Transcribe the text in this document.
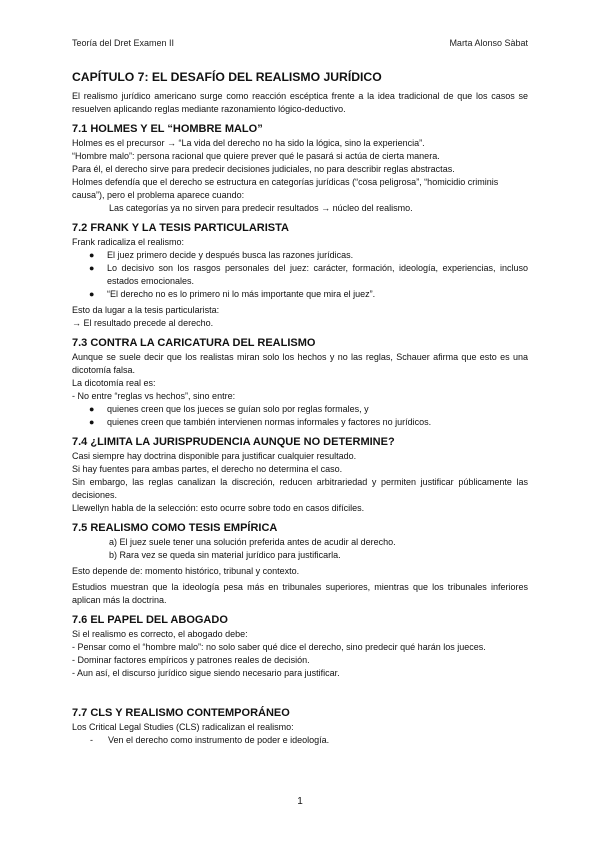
Teoría del Dret Examen II	Marta Alonso Sàbat
CAPÍTULO 7: EL DESAFÍO DEL REALISMO JURÍDICO

El realismo jurídico americano surge como reacción escéptica frente a la idea tradicional de que los casos se resuelven aplicando reglas mediante razonamiento lógico-deductivo.

7.1 HOLMES Y EL “HOMBRE MALO”

Holmes es el precursor → “La vida del derecho no ha sido la lógica, sino la experiencia”.

“Hombre malo”: persona racional que quiere prever qué le pasará si actúa de cierta manera.

Para él, el derecho sirve para predecir decisiones judiciales, no para describir reglas abstractas.

Holmes defendía que el derecho se estructura en categorías jurídicas (“cosa peligrosa”, “homicidio criminis causa”), pero el problema aparece cuando:

Las categorías ya no sirven para predecir resultados → núcleo del realismo.

7.2 FRANK Y LA TESIS PARTICULARISTA

Frank radicaliza el realismo:

● El juez primero decide y después busca las razones jurídicas.
● Lo decisivo son los rasgos personales del juez: carácter, formación, ideología, experiencias, incluso estados emocionales.
● “El derecho no es lo primero ni lo más importante que mira el juez”.

Esto da lugar a la tesis particularista:

→ El resultado precede al derecho.

7.3 CONTRA LA CARICATURA DEL REALISMO

Aunque se suele decir que los realistas miran solo los hechos y no las reglas, Schauer afirma que esto es una dicotomía falsa.

La dicotomía real es:

- No entre “reglas vs hechos”, sino entre:

● quienes creen que los jueces se guían solo por reglas formales, y
● quienes creen que también intervienen normas informales y factores no jurídicos.
7.4 ¿LIMITA LA JURISPRUDENCIA AUNQUE NO DETERMINE?

Casi siempre hay doctrina disponible para justificar cualquier resultado.

Si hay fuentes para ambas partes, el derecho no determina el caso.

Sin embargo, las reglas canalizan la discreción, reducen arbitrariedad y permiten justificar públicamente las decisiones.

Llewellyn habla de la selección: esto ocurre sobre todo en casos difíciles.

7.5 REALISMO COMO TESIS EMPÍRICA
a) El juez suele tener una solución preferida antes de acudir al derecho.
b) Rara vez se queda sin material jurídico para justificarla.

Esto depende de: momento histórico, tribunal y contexto.

Estudios muestran que la ideología pesa más en tribunales superiores, mientras que los tribunales inferiores aplican más la doctrina.

7.6 EL PAPEL DEL ABOGADO

Si el realismo es correcto, el abogado debe:

- Pensar como el “hombre malo”: no solo saber qué dice el derecho, sino predecir qué harán los jueces.

- Dominar factores empíricos y patrones reales de decisión.

- Aun así, el discurso jurídico sigue siendo necesario para justificar.

7.7 CLS Y REALISMO CONTEMPORÁNEO

Los Critical Legal Studies (CLS) radicalizan el realismo:

- Ven el derecho como instrumento de poder e ideología.
1
